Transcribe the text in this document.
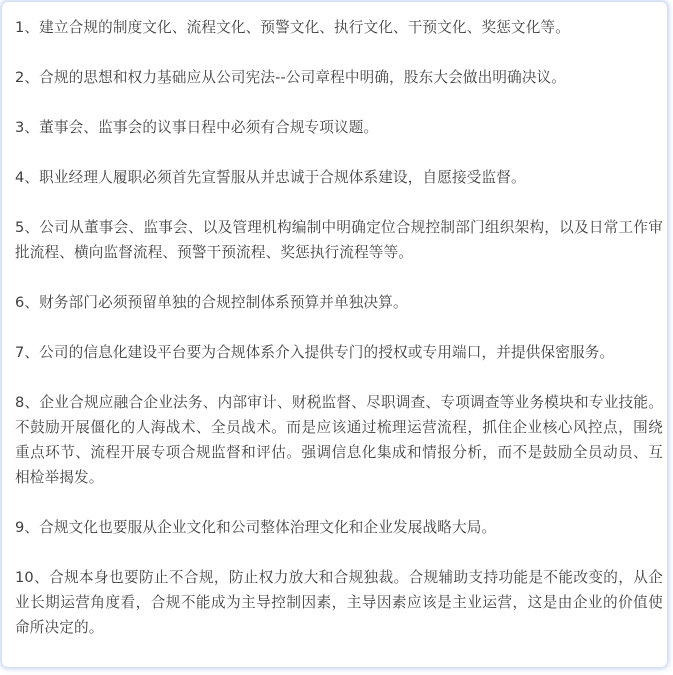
1、建立合规的制度文化、流程文化、预警文化、执行文化、干预文化、奖惩文化等。

2、合规的思想和权力基础应从公司宪法--公司章程中明确，股东大会做出明确决议。

3、董事会、监事会的议事日程中必须有合规专项议题。

4、职业经理人履职必须首先宣誓服从并忠诚于合规体系建设，自愿接受监督。

5、公司从董事会、监事会、以及管理机构编制中明确定位合规控制部门组织架构，以及日常工作审批流程、横向监督流程、预警干预流程、奖惩执行流程等等。

6、财务部门必须预留单独的合规控制体系预算并单独决算。

7、公司的信息化建设平台要为合规体系介入提供专门的授权或专用端口，并提供保密服务。

8、企业合规应融合企业法务、内部审计、财税监督、尽职调查、专项调查等业务模块和专业技能。不鼓励开展僵化的人海战术、全员战术。而是应该通过梳理运营流程，抓住企业核心风控点，围绕重点环节、流程开展专项合规监督和评估。强调信息化集成和情报分析，而不是鼓励全员动员、互相检举揭发。

9、合规文化也要服从企业文化和公司整体治理文化和企业发展战略大局。

10、合规本身也要防止不合规，防止权力放大和合规独裁。合规辅助支持功能是不能改变的，从企业长期运营角度看，合规不能成为主导控制因素，主导因素应该是主业运营，这是由企业的价值使命所决定的。
